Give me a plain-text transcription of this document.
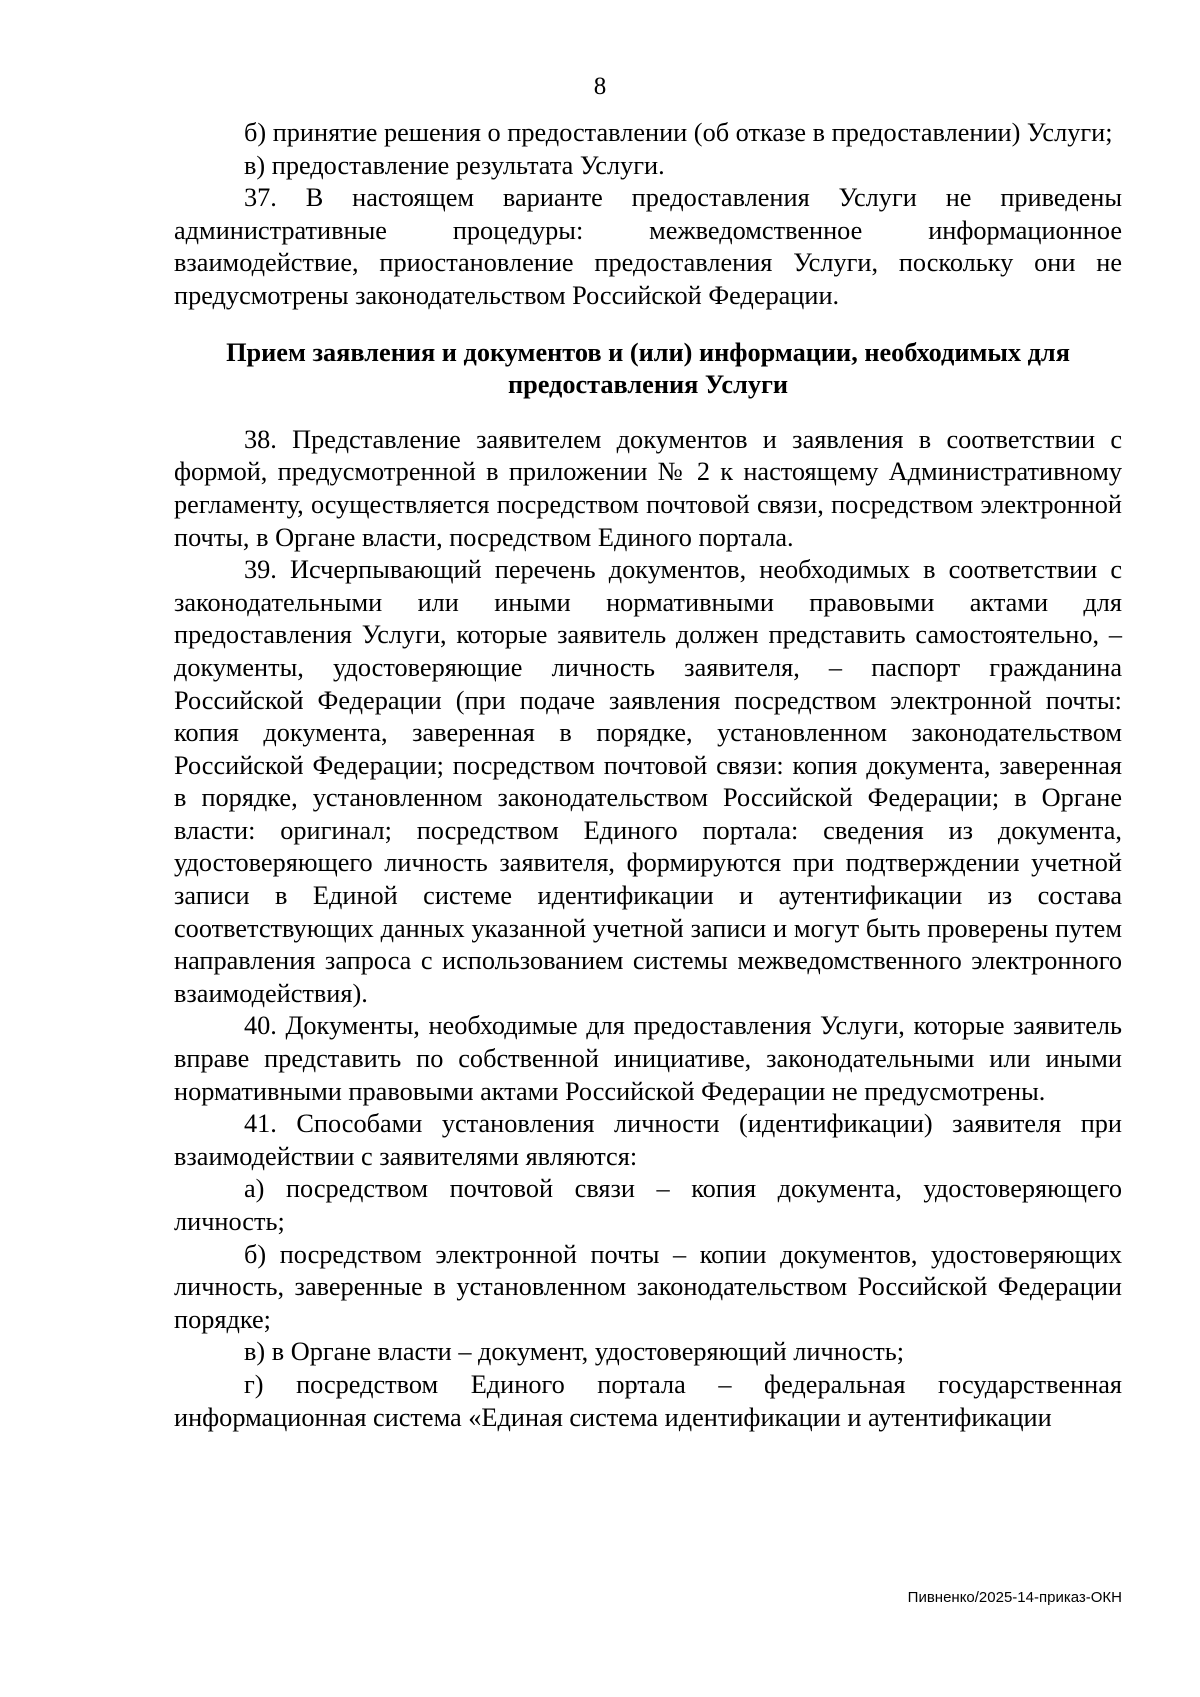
8

б) принятие решения о предоставлении (об отказе в предоставлении) Услуги;

в) предоставление результата Услуги.

37. В настоящем варианте предоставления Услуги не приведены административные процедуры: межведомственное информационное взаимодействие, приостановление предоставления Услуги, поскольку они не предусмотрены законодательством Российской Федерации.

Прием заявления и документов и (или) информации, необходимых для предоставления Услуги

38. Представление заявителем документов и заявления в соответствии с формой, предусмотренной в приложении № 2 к настоящему Административному регламенту, осуществляется посредством почтовой связи, посредством электронной почты, в Органе власти, посредством Единого портала.

39. Исчерпывающий перечень документов, необходимых в соответствии с законодательными или иными нормативными правовыми актами для предоставления Услуги, которые заявитель должен представить самостоятельно, – документы, удостоверяющие личность заявителя, – паспорт гражданина Российской Федерации (при подаче заявления посредством электронной почты: копия документа, заверенная в порядке, установленном законодательством Российской Федерации; посредством почтовой связи: копия документа, заверенная в порядке, установленном законодательством Российской Федерации; в Органе власти: оригинал; посредством Единого портала: сведения из документа, удостоверяющего личность заявителя, формируются при подтверждении учетной записи в Единой системе идентификации и аутентификации из состава соответствующих данных указанной учетной записи и могут быть проверены путем направления запроса с использованием системы межведомственного электронного взаимодействия).

40. Документы, необходимые для предоставления Услуги, которые заявитель вправе представить по собственной инициативе, законодательными или иными нормативными правовыми актами Российской Федерации не предусмотрены.

41. Способами установления личности (идентификации) заявителя при взаимодействии с заявителями являются:

а) посредством почтовой связи – копия документа, удостоверяющего личность;

б) посредством электронной почты – копии документов, удостоверяющих личность, заверенные в установленном законодательством Российской Федерации порядке;

в) в Органе власти – документ, удостоверяющий личность;

г) посредством Единого портала – федеральная государственная информационная система «Единая система идентификации и аутентификации

Пивненко/2025-14-приказ-ОКН
